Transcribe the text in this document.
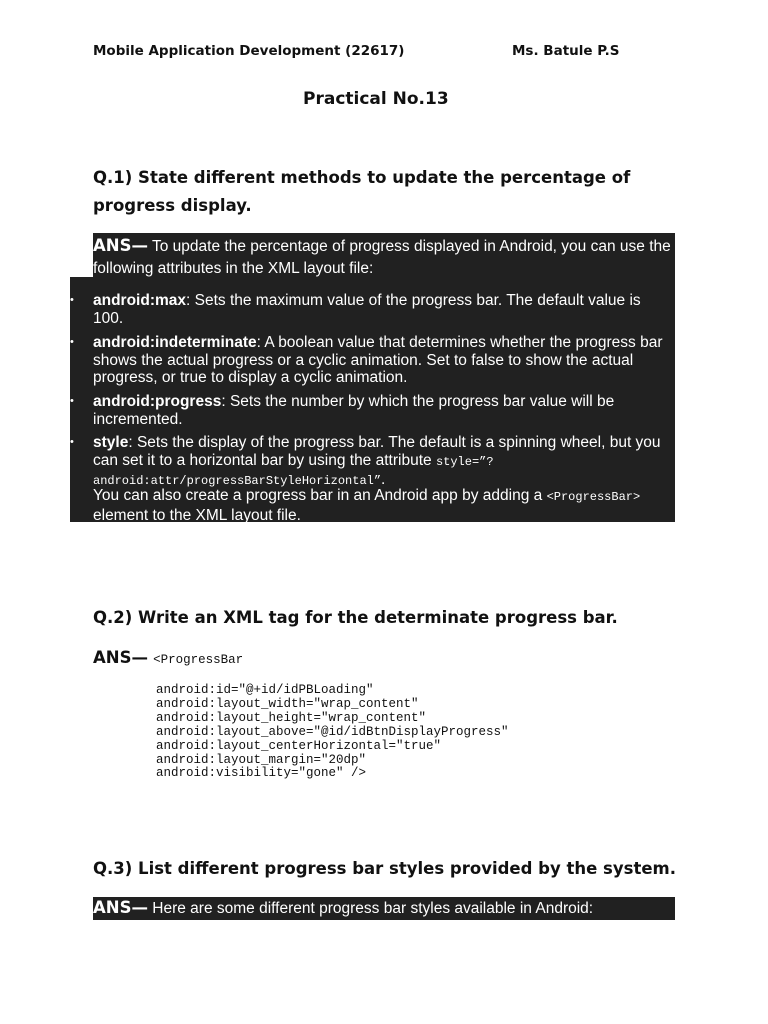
Mobile Application Development (22617)	Ms. Batule P.S
Practical No.13

Q.1) State different methods to update the percentage of progress display.

ANS— To update the percentage of progress displayed in Android, you can use the following attributes in the XML layout file:
• android:max: Sets the maximum value of the progress bar. The default value is 100.
• android:indeterminate: A boolean value that determines whether the progress bar shows the actual progress or a cyclic animation. Set to false to show the actual progress, or true to display a cyclic animation.
• android:progress: Sets the number by which the progress bar value will be incremented.
• style: Sets the display of the progress bar. The default is a spinning wheel, but you can set it to a horizontal bar by using the attribute style=”? android:attr/progressBarStyleHorizontal”.
You can also create a progress bar in an Android app by adding a <ProgressBar> element to the XML layout file.

Q.2) Write an XML tag for the determinate progress bar.

ANS— <ProgressBar
android:id="@+id/idPBLoading"
android:layout_width="wrap_content"
android:layout_height="wrap_content"
android:layout_above="@id/idBtnDisplayProgress"
android:layout_centerHorizontal="true"
android:layout_margin="20dp"
android:visibility="gone" />

Q.3) List different progress bar styles provided by the system.

ANS— Here are some different progress bar styles available in Android:
